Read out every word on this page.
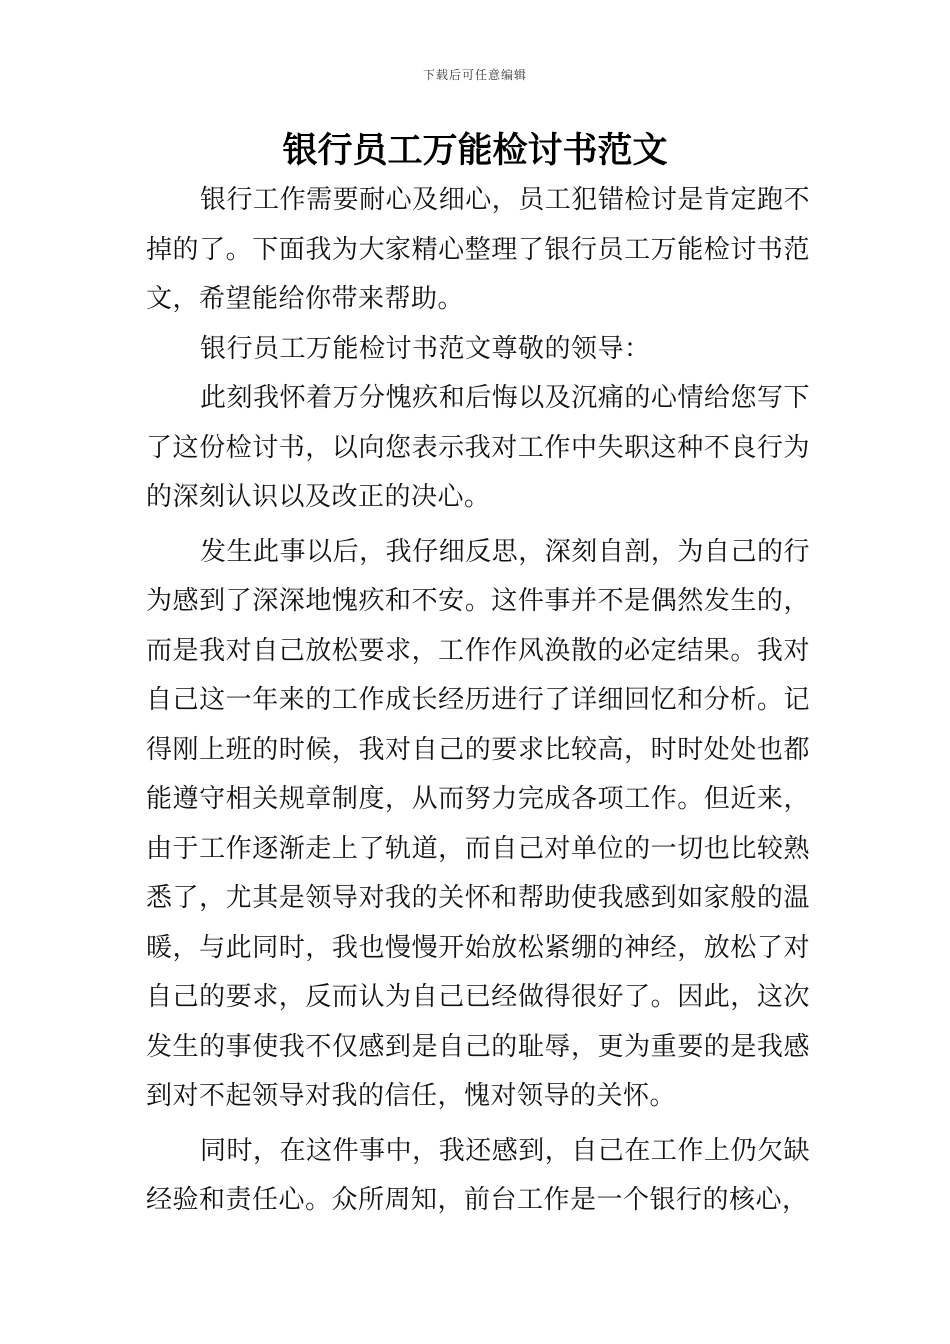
下载后可任意编辑
银行员工万能检讨书范文

银行工作需要耐心及细心，员工犯错检讨是肯定跑不掉的了。下面我为大家精心整理了银行员工万能检讨书范文，希望能给你带来帮助。

银行员工万能检讨书范文尊敬的领导：

此刻我怀着万分愧疚和后悔以及沉痛的心情给您写下了这份检讨书，以向您表示我对工作中失职这种不良行为的深刻认识以及改正的决心。

发生此事以后，我仔细反思，深刻自剖，为自己的行为感到了深深地愧疚和不安。这件事并不是偶然发生的，而是我对自己放松要求，工作作风涣散的必定结果。我对自己这一年来的工作成长经历进行了详细回忆和分析。记得刚上班的时候，我对自己的要求比较高，时时处处也都能遵守相关规章制度，从而努力完成各项工作。但近来，由于工作逐渐走上了轨道，而自己对单位的一切也比较熟悉了，尤其是领导对我的关怀和帮助使我感到如家般的温暖，与此同时，我也慢慢开始放松紧绷的神经，放松了对自己的要求，反而认为自己已经做得很好了。因此，这次发生的事使我不仅感到是自己的耻辱，更为重要的是我感到对不起领导对我的信任，愧对领导的关怀。

同时，在这件事中，我还感到，自己在工作上仍欠缺经验和责任心。众所周知，前台工作是一个银行的核心，
